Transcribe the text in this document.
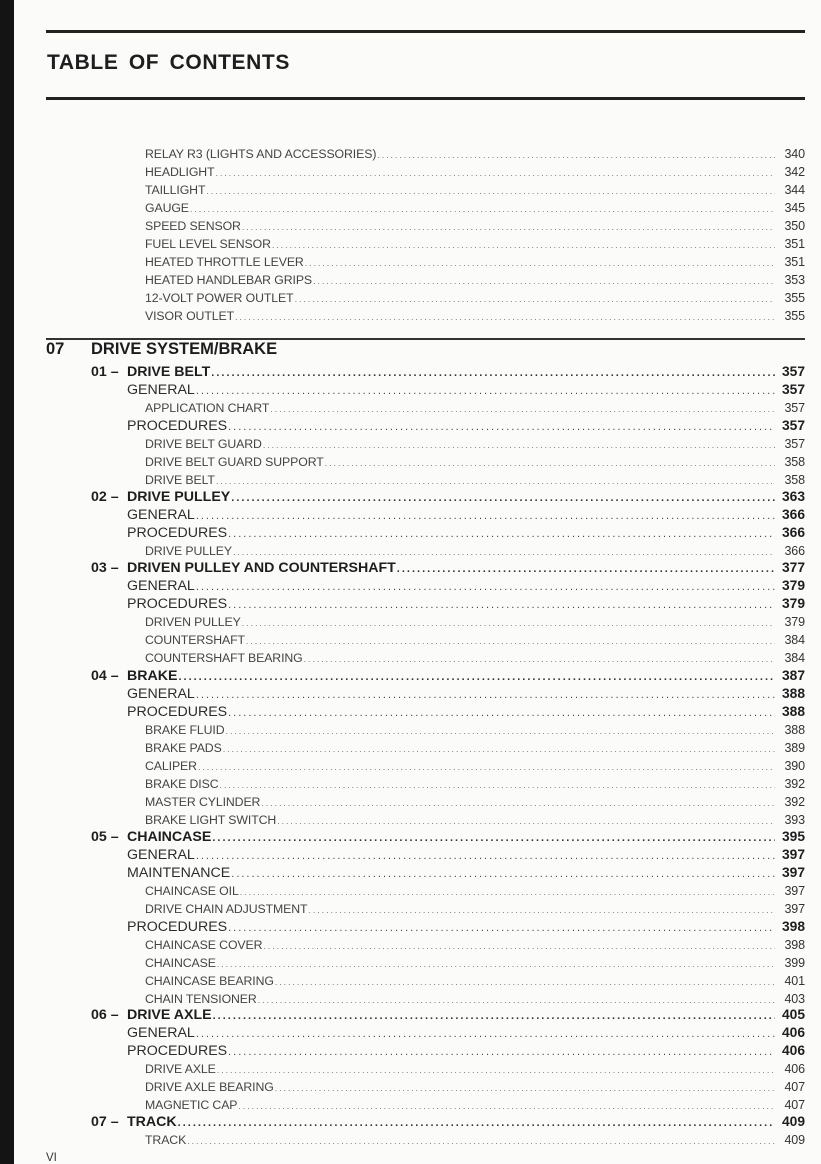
TABLE OF CONTENTS
RELAY R3 (LIGHTS AND ACCESSORIES) .....	340
HEADLIGHT .....	342
TAILLIGHT .....	344
GAUGE .....	345
SPEED SENSOR .....	350
FUEL LEVEL SENSOR .....	351
HEATED THROTTLE LEVER .....	351
HEATED HANDLEBAR GRIPS .....	353
12-VOLT POWER OUTLET .....	355
VISOR OUTLET .....	355
07 DRIVE SYSTEM/BRAKE
01 – DRIVE BELT .....	357
GENERAL .....	357
APPLICATION CHART .....	357
PROCEDURES .....	357
DRIVE BELT GUARD .....	357
DRIVE BELT GUARD SUPPORT .....	358
DRIVE BELT .....	358
02 – DRIVE PULLEY .....	363
GENERAL .....	366
PROCEDURES .....	366
DRIVE PULLEY .....	366
03 – DRIVEN PULLEY AND COUNTERSHAFT .....	377
GENERAL .....	379
PROCEDURES .....	379
DRIVEN PULLEY .....	379
COUNTERSHAFT .....	384
COUNTERSHAFT BEARING .....	384
04 – BRAKE .....	387
GENERAL .....	388
PROCEDURES .....	388
BRAKE FLUID .....	388
BRAKE PADS .....	389
CALIPER .....	390
BRAKE DISC .....	392
MASTER CYLINDER .....	392
BRAKE LIGHT SWITCH .....	393
05 – CHAINCASE .....	395
GENERAL .....	397
MAINTENANCE .....	397
CHAINCASE OIL .....	397
DRIVE CHAIN ADJUSTMENT .....	397
PROCEDURES .....	398
CHAINCASE COVER .....	398
CHAINCASE .....	399
CHAINCASE BEARING .....	401
CHAIN TENSIONER .....	403
06 – DRIVE AXLE .....	405
GENERAL .....	406
PROCEDURES .....	406
DRIVE AXLE .....	406
DRIVE AXLE BEARING .....	407
MAGNETIC CAP .....	407
07 – TRACK .....	409
TRACK .....	409
VI
